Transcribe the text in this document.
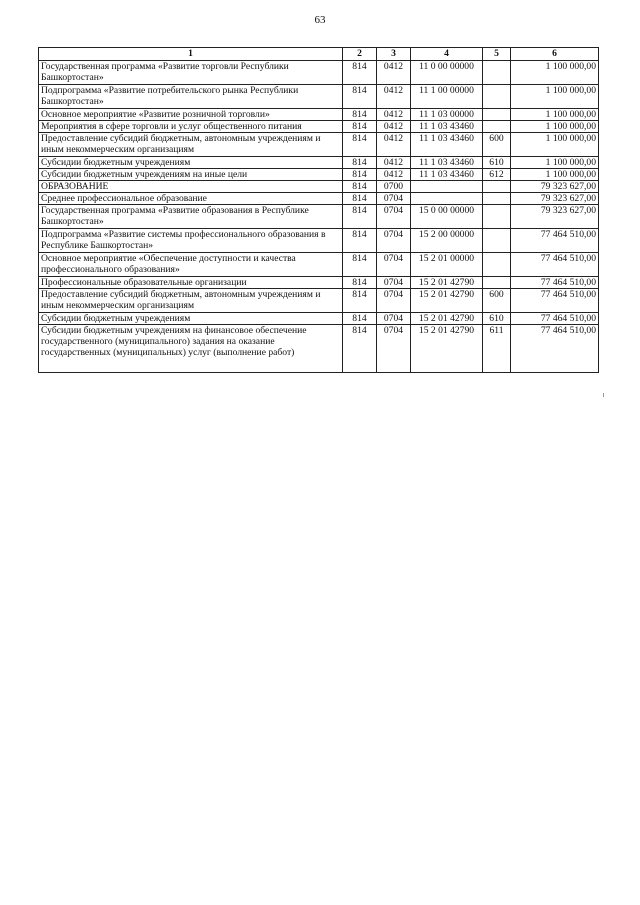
63
1	2	3	4	5	6
Государственная программа «Развитие торговли Республики Башкортостан»	814	0412	11 0 00 00000		1 100 000,00
Подпрограмма «Развитие потребительского рынка Республики Башкортостан»	814	0412	11 1 00 00000		1 100 000,00
Основное мероприятие «Развитие розничной торговли»	814	0412	11 1 03 00000		1 100 000,00
Мероприятия в сфере торговли и услуг общественного питания	814	0412	11 1 03 43460		1 100 000,00
Предоставление субсидий бюджетным, автономным учреждениям и иным некоммерческим организациям	814	0412	11 1 03 43460	600	1 100 000,00
Субсидии бюджетным учреждениям	814	0412	11 1 03 43460	610	1 100 000,00
Субсидии бюджетным учреждениям на иные цели	814	0412	11 1 03 43460	612	1 100 000,00
ОБРАЗОВАНИЕ	814	0700			79 323 627,00
Среднее профессиональное образование	814	0704			79 323 627,00
Государственная программа «Развитие образования в Республике Башкортостан»	814	0704	15 0 00 00000		79 323 627,00
Подпрограмма «Развитие системы профессионального образования в Республике Башкортостан»	814	0704	15 2 00 00000		77 464 510,00
Основное мероприятие «Обеспечение доступности и качества профессионального образования»	814	0704	15 2 01 00000		77 464 510,00
Профессиональные образовательные организации	814	0704	15 2 01 42790		77 464 510,00
Предоставление субсидий бюджетным, автономным учреждениям и иным некоммерческим организациям	814	0704	15 2 01 42790	600	77 464 510,00
Субсидии бюджетным учреждениям	814	0704	15 2 01 42790	610	77 464 510,00
Субсидии бюджетным учреждениям на финансовое обеспечение государственного (муниципального) задания на оказание государственных (муниципальных) услуг (выполнение работ)	814	0704	15 2 01 42790	611	77 464 510,00
